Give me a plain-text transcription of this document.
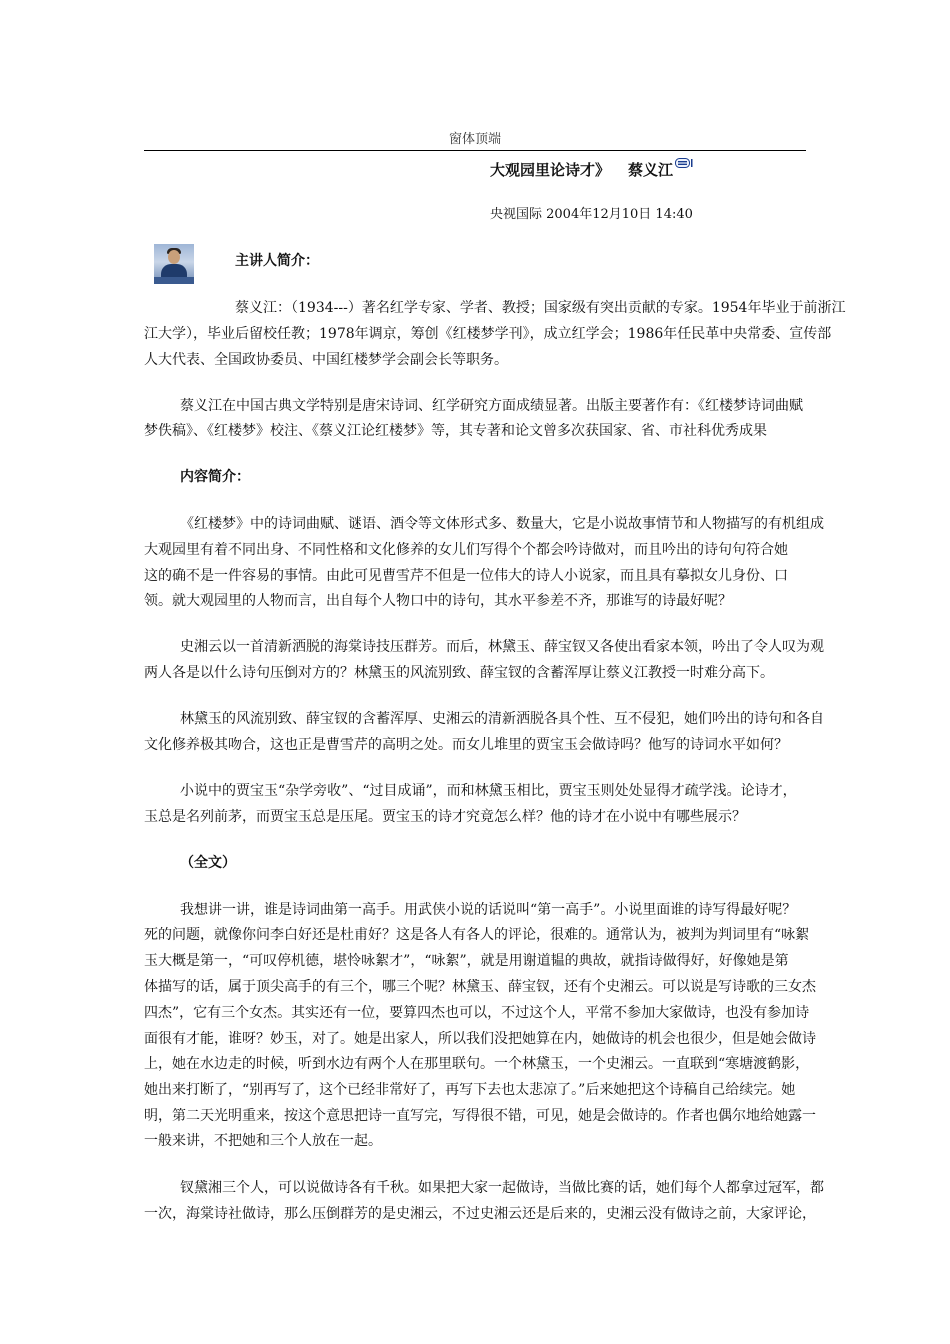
窗体顶端
大观园里论诗才》 蔡义江
央视国际 2004年12月10日 14:40
主讲人简介：
蔡义江：（1934---）著名红学专家、学者、教授；国家级有突出贡献的专家。1954年毕业于前浙江
江大学），毕业后留校任教；1978年调京，筹创《红楼梦学刊》，成立红学会；1986年任民革中央常委、宣传部
人大代表、全国政协委员、中国红楼梦学会副会长等职务。
蔡义江在中国古典文学特别是唐宋诗词、红学研究方面成绩显著。出版主要著作有：《红楼梦诗词曲赋
梦佚稿》、《红楼梦》校注、《蔡义江论红楼梦》等，其专著和论文曾多次获国家、省、市社科优秀成果
内容简介：
《红楼梦》中的诗词曲赋、谜语、酒令等文体形式多、数量大，它是小说故事情节和人物描写的有机组成
大观园里有着不同出身、不同性格和文化修养的女儿们写得个个都会吟诗做对，而且吟出的诗句句符合她
这的确不是一件容易的事情。由此可见曹雪芹不但是一位伟大的诗人小说家，而且具有摹拟女儿身份、口
领。就大观园里的人物而言，出自每个人物口中的诗句，其水平参差不齐，那谁写的诗最好呢？
史湘云以一首清新洒脱的海棠诗技压群芳。而后，林黛玉、薛宝钗又各使出看家本领，吟出了令人叹为观
两人各是以什么诗句压倒对方的？林黛玉的风流别致、薛宝钗的含蓄浑厚让蔡义江教授一时难分高下。
林黛玉的风流别致、薛宝钗的含蓄浑厚、史湘云的清新洒脱各具个性、互不侵犯，她们吟出的诗句和各自
文化修养极其吻合，这也正是曹雪芹的高明之处。而女儿堆里的贾宝玉会做诗吗？他写的诗词水平如何？
小说中的贾宝玉“杂学旁收”、“过目成诵”，而和林黛玉相比，贾宝玉则处处显得才疏学浅。论诗才，
玉总是名列前茅，而贾宝玉总是压尾。贾宝玉的诗才究竟怎么样？他的诗才在小说中有哪些展示？
（全文）
我想讲一讲，谁是诗词曲第一高手。用武侠小说的话说叫“第一高手”。小说里面谁的诗写得最好呢？
死的问题，就像你问李白好还是杜甫好？这是各人有各人的评论，很难的。通常认为，被判为判词里有“咏絮
玉大概是第一，“可叹停机德，堪怜咏絮才”，“咏絮”，就是用谢道韫的典故，就指诗做得好，好像她是第
体描写的话，属于顶尖高手的有三个，哪三个呢？林黛玉、薛宝钗，还有个史湘云。可以说是写诗歌的三女杰
四杰”，它有三个女杰。其实还有一位，要算四杰也可以，不过这个人，平常不参加大家做诗，也没有参加诗
面很有才能，谁呀？妙玉，对了。她是出家人，所以我们没把她算在内，她做诗的机会也很少，但是她会做诗
上，她在水边走的时候，听到水边有两个人在那里联句。一个林黛玉，一个史湘云。一直联到“寒塘渡鹤影，
她出来打断了，“别再写了，这个已经非常好了，再写下去也太悲凉了。”后来她把这个诗稿自己给续完。她
明，第二天光明重来，按这个意思把诗一直写完，写得很不错，可见，她是会做诗的。作者也偶尔地给她露一
一般来讲，不把她和三个人放在一起。
钗黛湘三个人，可以说做诗各有千秋。如果把大家一起做诗，当做比赛的话，她们每个人都拿过冠军，都
一次，海棠诗社做诗，那么压倒群芳的是史湘云，不过史湘云还是后来的，史湘云没有做诗之前，大家评论，
